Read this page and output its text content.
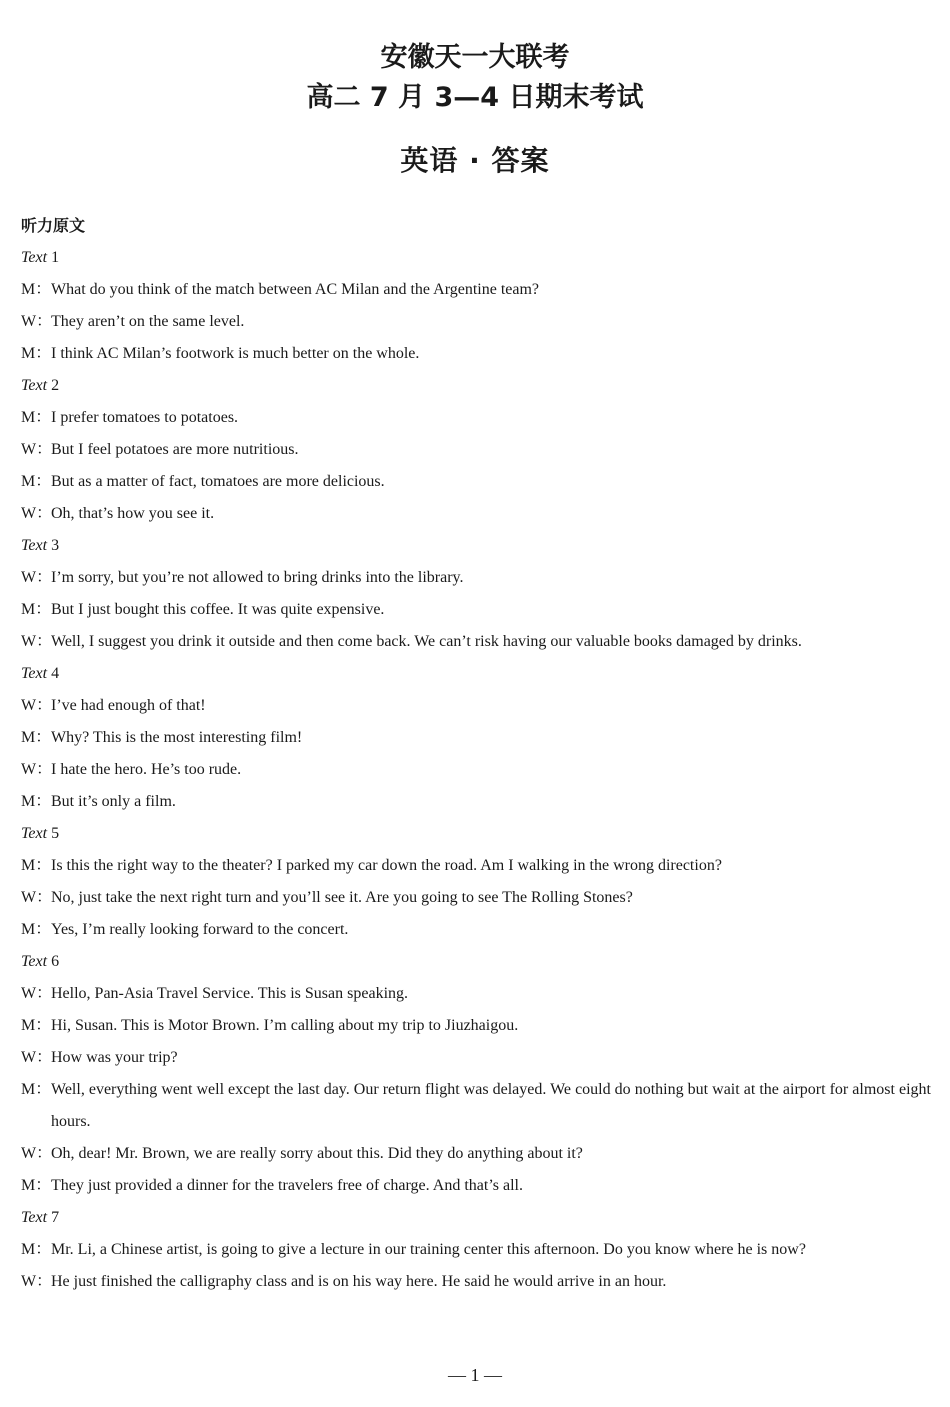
安徽天一大联考
高二 7 月 3—4 日期末考试
英语 · 答案
听力原文
Text 1
M： What do you think of the match between AC Milan and the Argentine team?
W：
They aren’t on the same level.
M： I think AC Milan’s footwork is much better on the whole.
Text 2
M： I prefer tomatoes to potatoes.
W：
But I feel potatoes are more nutritious.
M： But as a matter of fact, tomatoes are more delicious.
W：
Oh, that’s how you see it.
Text 3
W：
I’m sorry, but you’re not allowed to bring drinks into the library.
M： But I just bought this coffee. It was quite expensive.
W：
Well, I suggest you drink it outside and then come back. We can’t risk having our valuable books damaged by drinks.
Text 4
W：
I’ve had enough of that!
M： Why? This is the most interesting film!
W：
I hate the hero. He’s too rude.
M： But it’s only a film.
Text 5
M： Is this the right way to the theater? I parked my car down the road. Am I walking in the wrong direction?
W：
No, just take the next right turn and you’ll see it. Are you going to see The Rolling Stones?
M： Yes, I’m really looking forward to the concert.
Text 6
W：
Hello, Pan-Asia Travel Service. This is Susan speaking.
M： Hi, Susan. This is Motor Brown. I’m calling about my trip to Jiuzhaigou.
W：
How was your trip?
M： Well, everything went well except the last day. Our return flight was delayed. We could do nothing but wait at the airport for almost eight hours.
W：
Oh, dear! Mr. Brown, we are really sorry about this. Did they do anything about it?
M： They just provided a dinner for the travelers free of charge. And that’s all.
Text 7
M： Mr. Li, a Chinese artist, is going to give a lecture in our training center this afternoon. Do you know where he is now?
W：
He just finished the calligraphy class and is on his way here. He said he would arrive in an hour.
— 1 —
